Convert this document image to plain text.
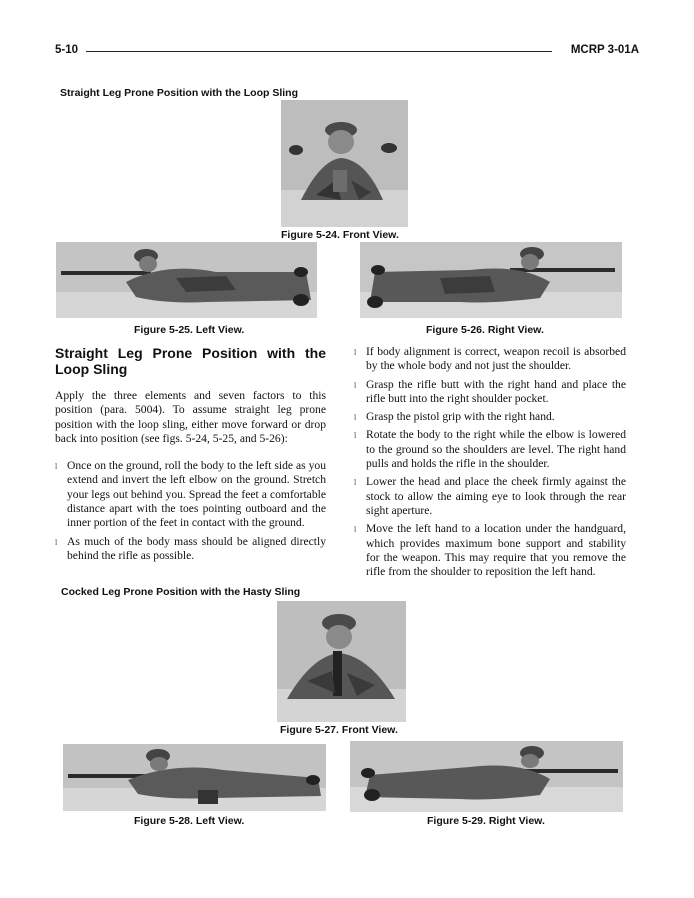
5-10	MCRP 3-01A
Straight Leg Prone Position with the Loop Sling
Figure 5-24. Front View.
Figure 5-25. Left View.	Figure 5-26. Right View.
Straight Leg Prone Position with the Loop Sling

Apply the three elements and seven factors to this position (para. 5004). To assume straight leg prone position with the loop sling, either move forward or drop back into position (see figs. 5-24, 5-25, and 5-26):

l Once on the ground, roll the body to the left side as you extend and invert the left elbow on the ground. Stretch your legs out behind you. Spread the feet a comfortable distance apart with the toes pointing outboard and the inner portion of the feet in contact with the ground.
l As much of the body mass should be aligned directly behind the rifle as possible.
l If body alignment is correct, weapon recoil is absorbed by the whole body and not just the shoulder.
l Grasp the rifle butt with the right hand and place the rifle butt into the right shoulder pocket.
l Grasp the pistol grip with the right hand.
l Rotate the body to the right while the elbow is lowered to the ground so the shoulders are level. The right hand pulls and holds the rifle in the shoulder.
l Lower the head and place the cheek firmly against the stock to allow the aiming eye to look through the rear sight aperture.
l Move the left hand to a location under the handguard, which provides maximum bone support and stability for the weapon. This may require that you remove the rifle from the shoulder to reposition the left hand.
Cocked Leg Prone Position with the Hasty Sling
Figure 5-27. Front View.
Figure 5-28. Left View.	Figure 5-29. Right View.
